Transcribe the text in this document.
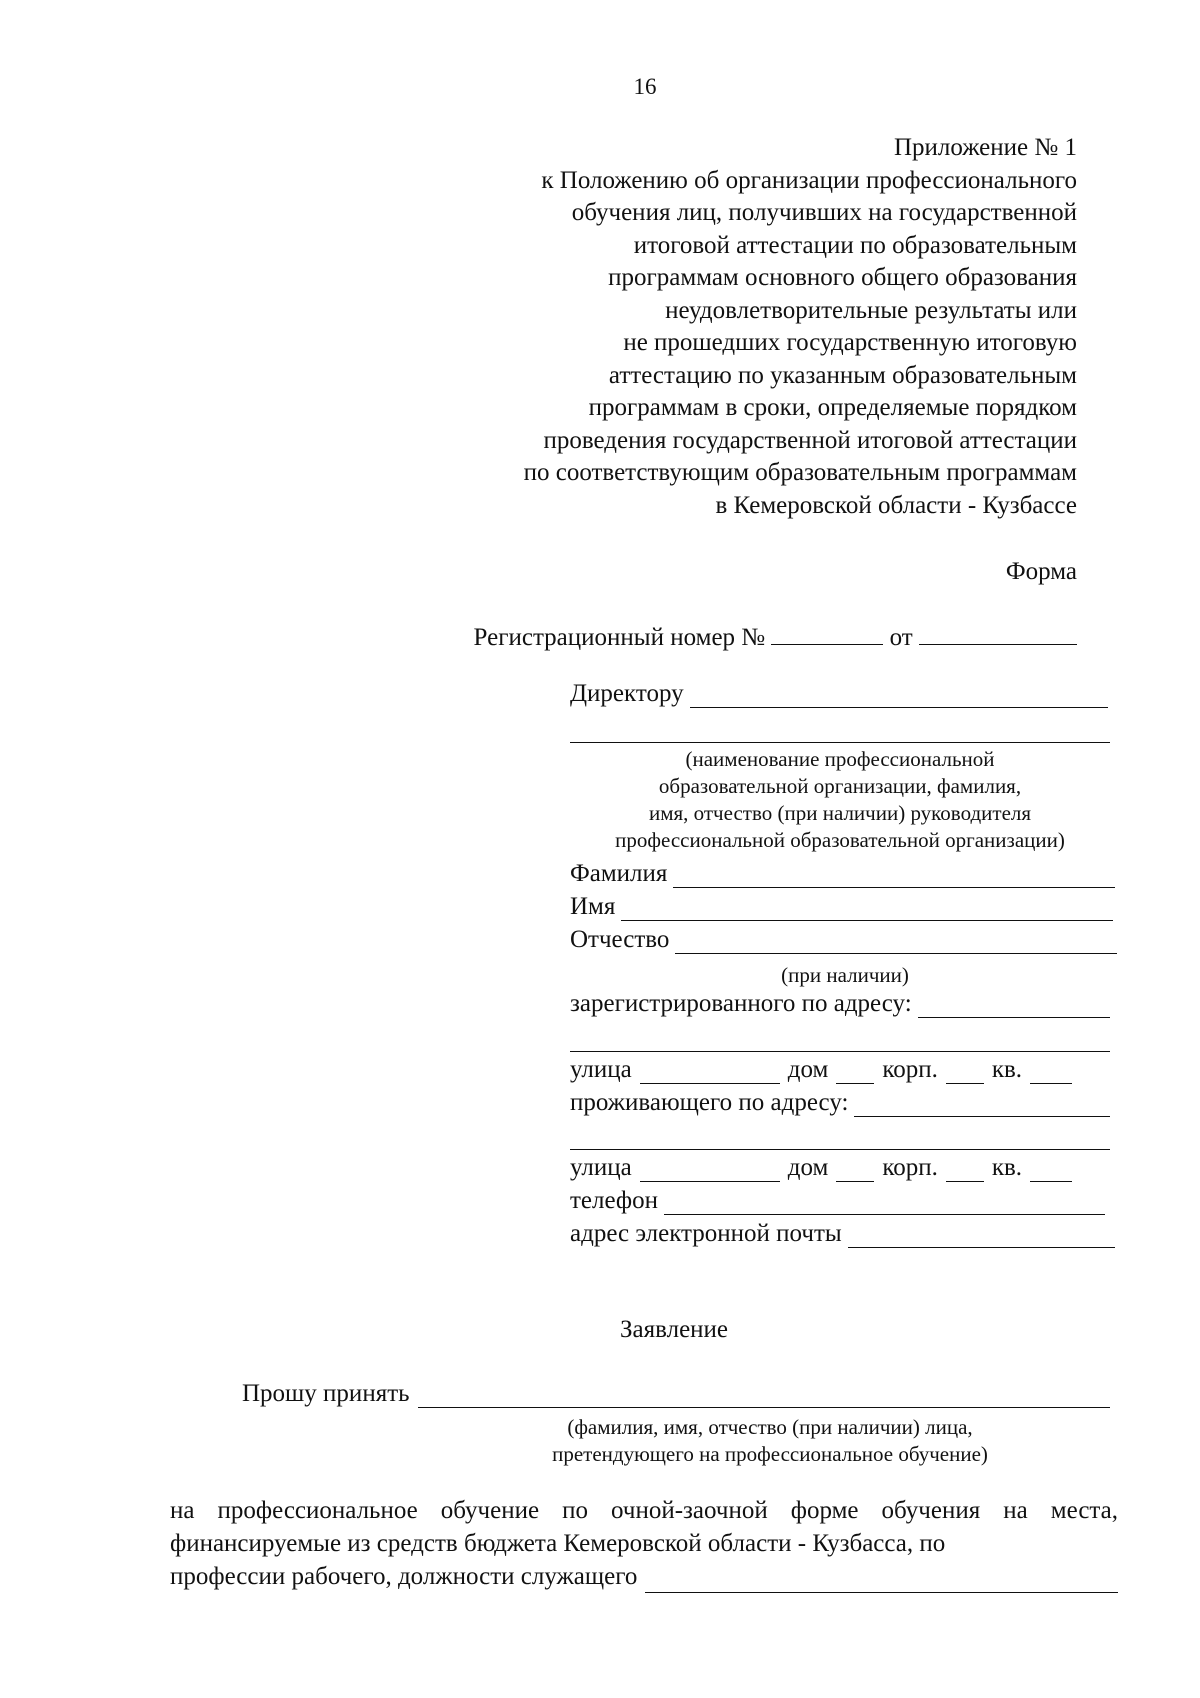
16
Приложение № 1
к Положению об организации профессионального
обучения лиц, получивших на государственной
итоговой аттестации по образовательным
программам основного общего образования
неудовлетворительные результаты или
не прошедших государственную итоговую
аттестацию по указанным образовательным
программам в сроки, определяемые порядком
проведения государственной итоговой аттестации
по соответствующим образовательным программам
в Кемеровской области - Кузбассе
Форма
Регистрационный номер №	от
Директору
(наименование профессиональной
образовательной организации, фамилия,
имя, отчество (при наличии) руководителя
профессиональной образовательной организации)
Фамилия
Имя
Отчество
(при наличии)
зарегистрированного по адресу:
улица	дом корп. кв.
проживающего по адресу:
улица	дом корп. кв.
телефон
адрес электронной почты
Заявление
Прошу принять
(фамилия, имя, отчество (при наличии) лица,
претендующего на профессиональное обучение)
на профессиональное обучение по очной-заочной форме обучения на места, финансируемые из средств бюджета Кемеровской области - Кузбасса, по
профессии рабочего, должности служащего
